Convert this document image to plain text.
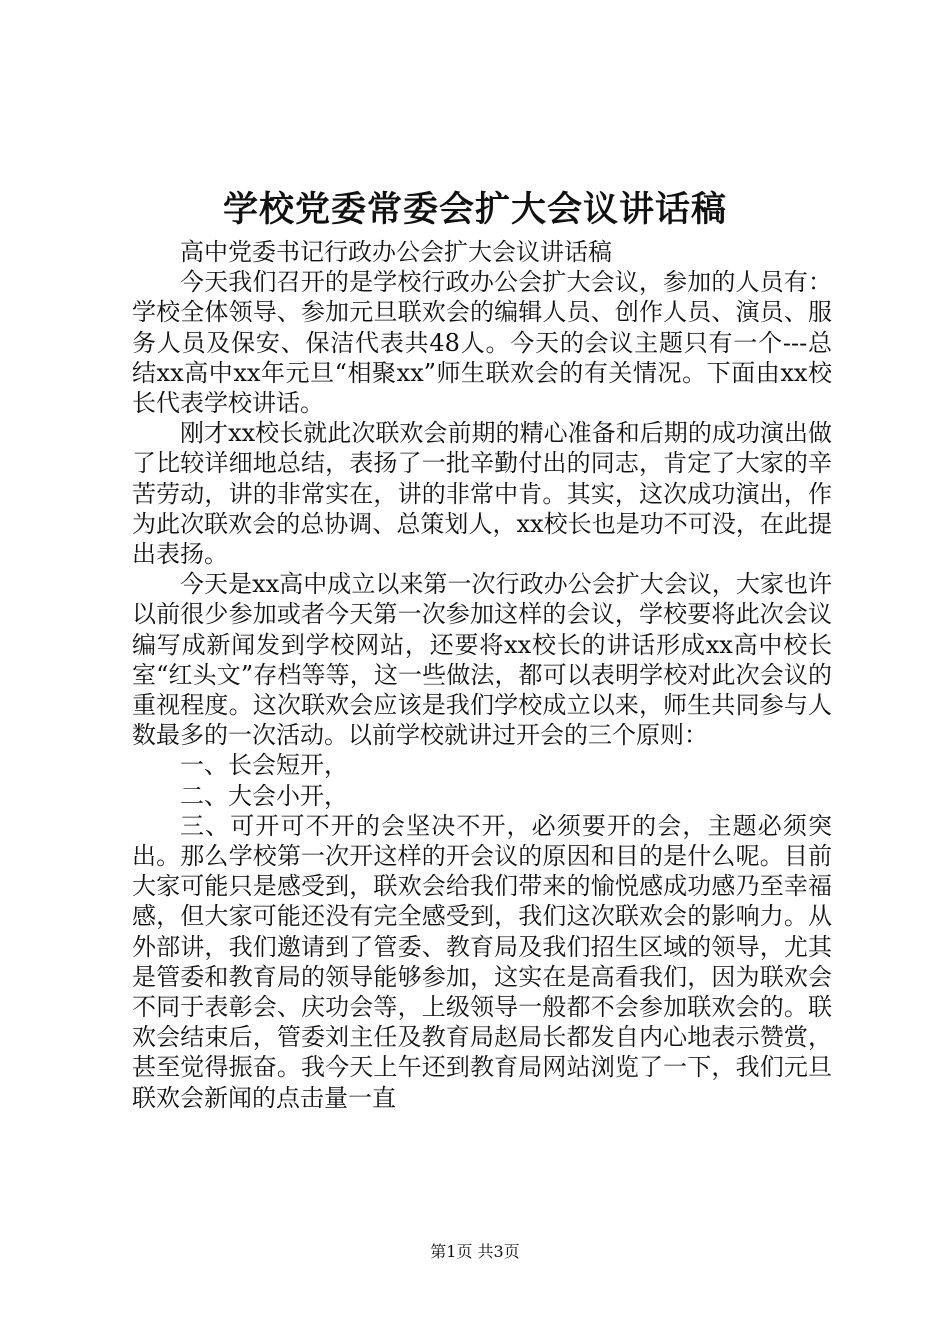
学校党委常委会扩大会议讲话稿

高中党委书记行政办公会扩大会议讲话稿

今天我们召开的是学校行政办公会扩大会议，参加的人员有：学校全体领导、参加元旦联欢会的编辑人员、创作人员、演员、服务人员及保安、保洁代表共48人。今天的会议主题只有一个---总结xx高中xx年元旦“相聚xx”师生联欢会的有关情况。下面由xx校长代表学校讲话。

刚才xx校长就此次联欢会前期的精心准备和后期的成功演出做了比较详细地总结，表扬了一批辛勤付出的同志，肯定了大家的辛苦劳动，讲的非常实在，讲的非常中肯。其实，这次成功演出，作为此次联欢会的总协调、总策划人，xx校长也是功不可没，在此提出表扬。

今天是xx高中成立以来第一次行政办公会扩大会议，大家也许以前很少参加或者今天第一次参加这样的会议，学校要将此次会议编写成新闻发到学校网站，还要将xx校长的讲话形成xx高中校长室“红头文”存档等等，这一些做法，都可以表明学校对此次会议的重视程度。这次联欢会应该是我们学校成立以来，师生共同参与人数最多的一次活动。以前学校就讲过开会的三个原则：

一、长会短开，

二、大会小开，

三、可开可不开的会坚决不开，必须要开的会，主题必须突出。那么学校第一次开这样的开会议的原因和目的是什么呢。目前大家可能只是感受到，联欢会给我们带来的愉悦感成功感乃至幸福感，但大家可能还没有完全感受到，我们这次联欢会的影响力。从外部讲，我们邀请到了管委、教育局及我们招生区域的领导，尤其是管委和教育局的领导能够参加，这实在是高看我们，因为联欢会不同于表彰会、庆功会等，上级领导一般都不会参加联欢会的。联欢会结束后，管委刘主任及教育局赵局长都发自内心地表示赞赏，甚至觉得振奋。我今天上午还到教育局网站浏览了一下，我们元旦联欢会新闻的点击量一直

第1页 共3页
